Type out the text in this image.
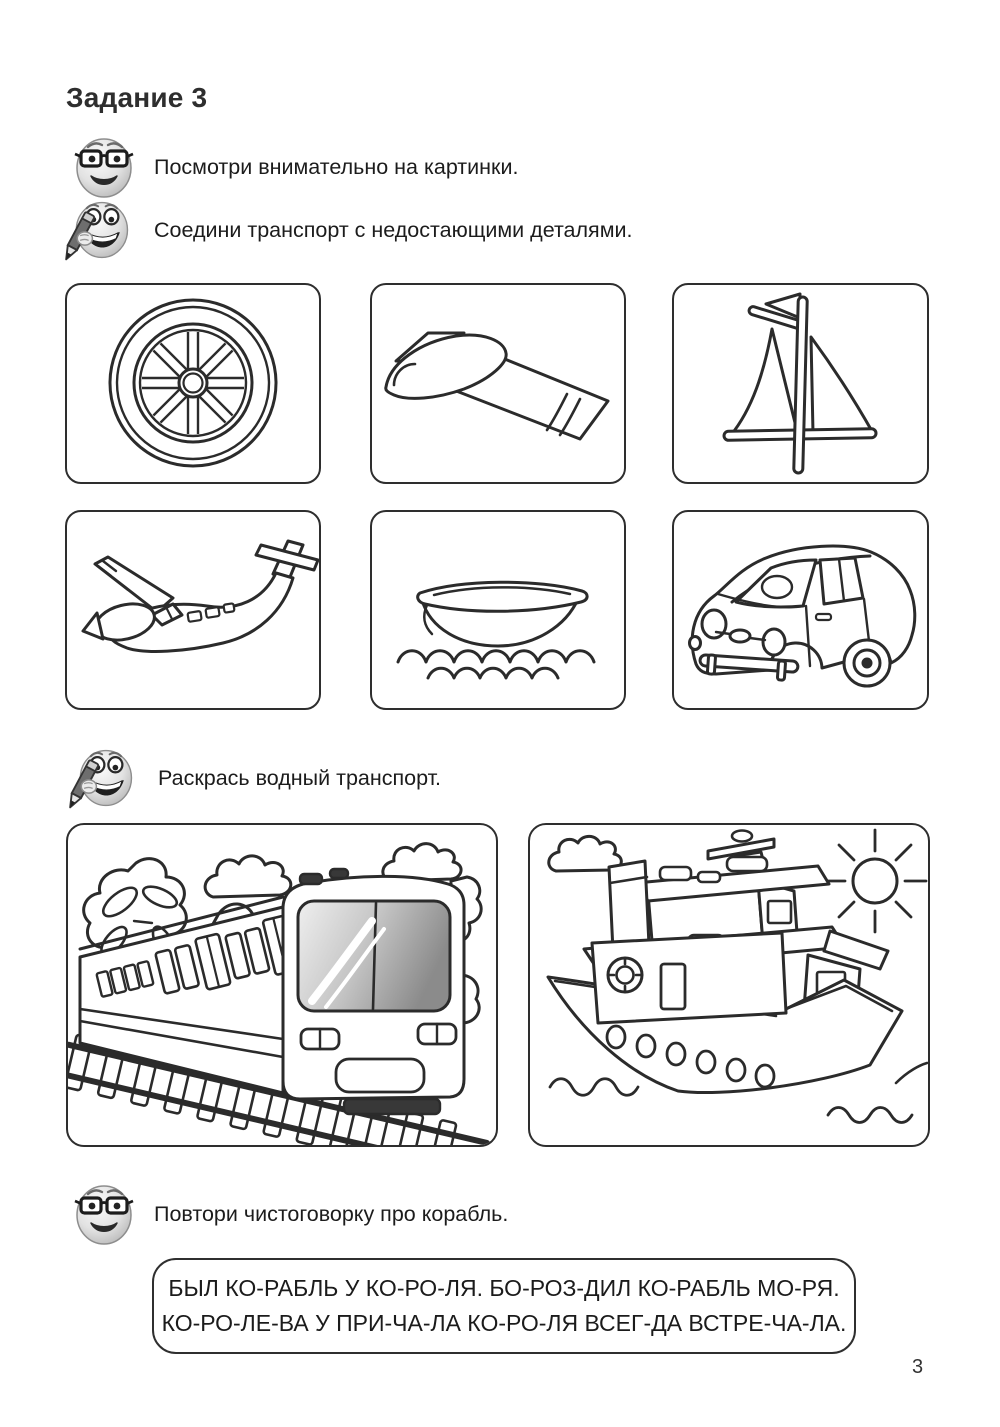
Задание 3
Посмотри внимательно на картинки.
Соедини транспорт с недостающими деталями.
Раскрась водный транспорт.
Повтори чистоговорку про корабль.
БЫЛ КО-РАБЛЬ У КО-РО-ЛЯ. БО-РОЗ-ДИЛ КО-РАБЛЬ МО-РЯ.
КО-РО-ЛЕ-ВА У ПРИ-ЧА-ЛА КО-РО-ЛЯ ВСЕГ-ДА ВСТРЕ-ЧА-ЛА.
3
